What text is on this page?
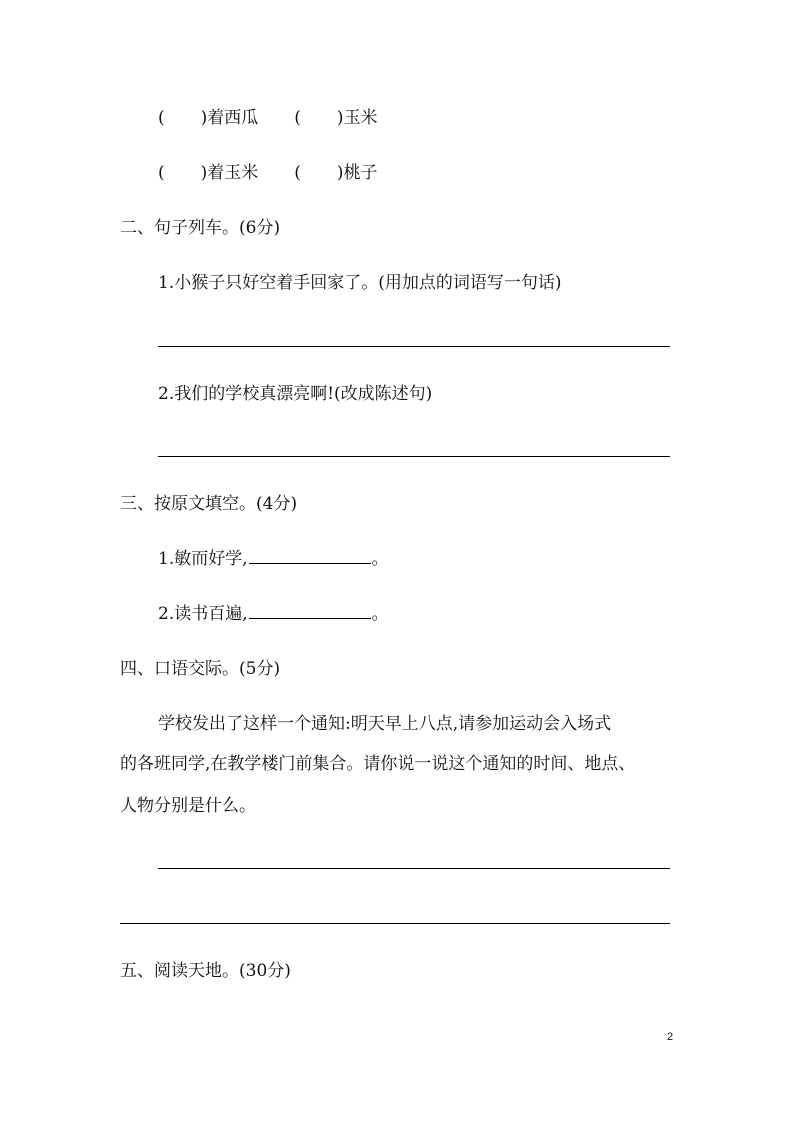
( )着西瓜 ( )玉米
( )着玉米 ( )桃子

二、句子列车。(6分)

1.小猴子只好空着手回家了。(用加点的词语写一句话)

2.我们的学校真漂亮啊!(改成陈述句)

三、按原文填空。(4分)

1.敏而好学,	。

2.读书百遍,	。

四、口语交际。(5分)

学校发出了这样一个通知:明天早上八点,请参加运动会入场式

的各班同学,在教学楼门前集合。请你说一说这个通知的时间、地点、

人物分别是什么。

五、阅读天地。(30分)

2
